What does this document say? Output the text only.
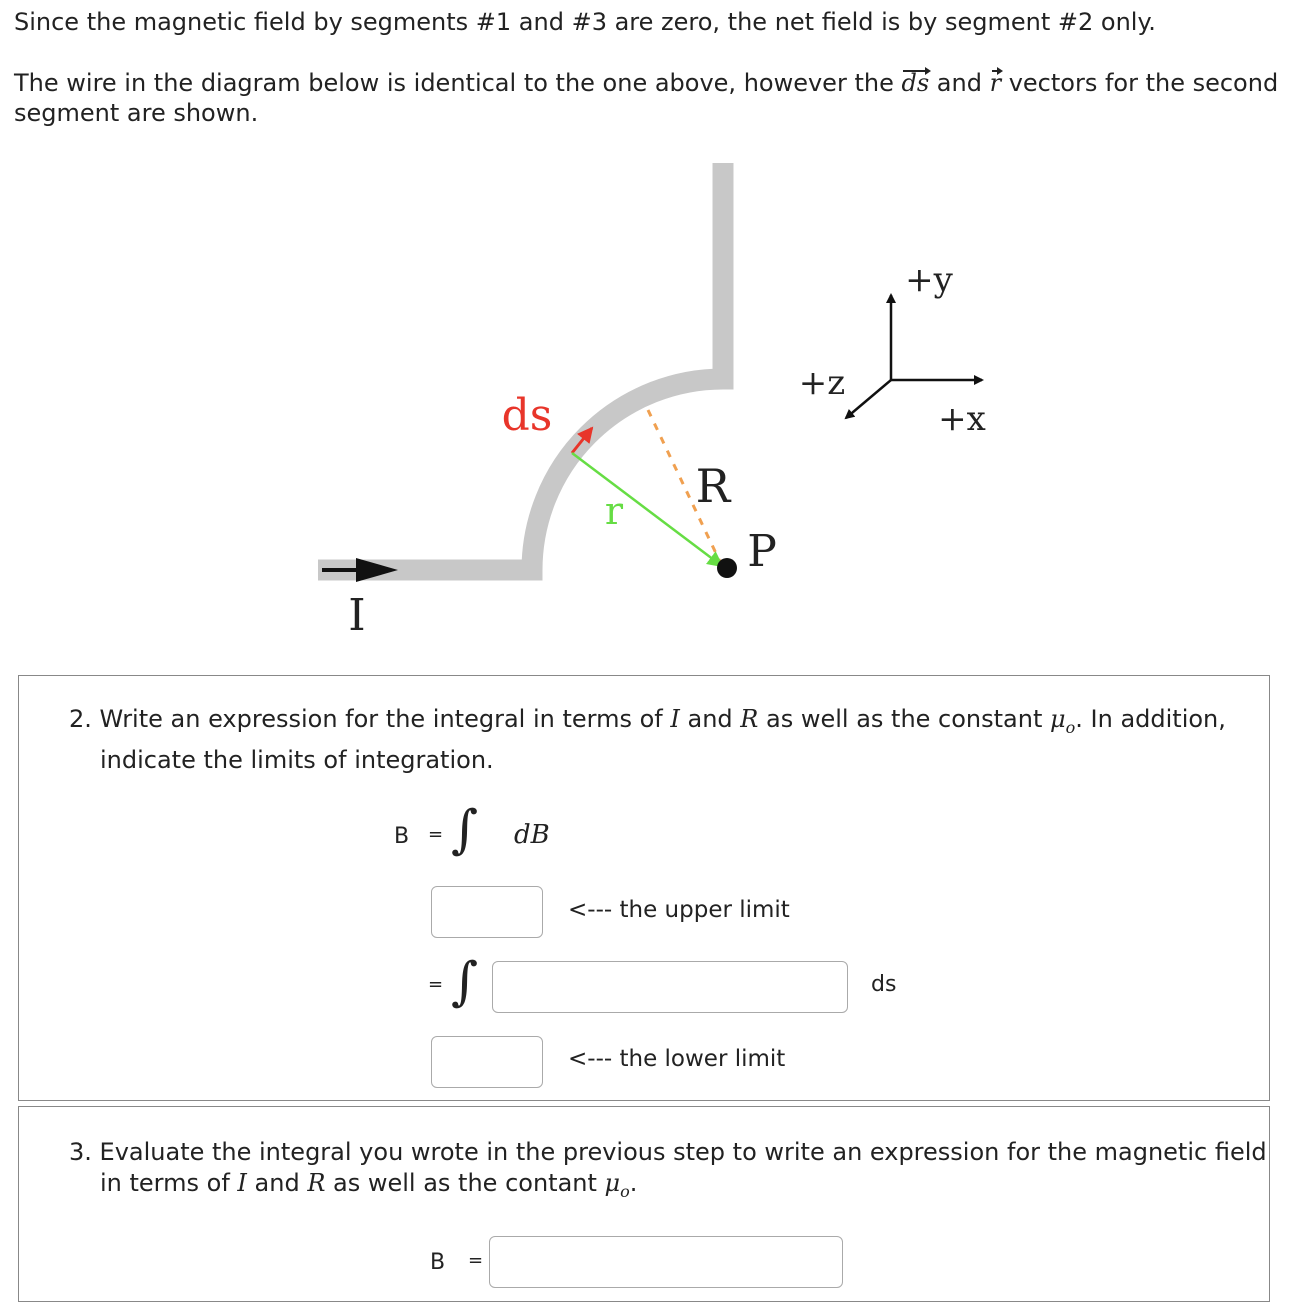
Since the magnetic field by segments #1 and #3 are zero, the net field is by segment #2 only.
The wire in the diagram below is identical to the one above, however the ds and r vectors for the second
segment are shown.
I
ds
R
r
P
+y
+x
+z
2. Write an expression for the integral in terms of I and R as well as the constant $\mu_o$. In addition,
indicate the limits of integration.
B = ∫ dB
<--- the upper limit
= ∫	ds
<--- the lower limit
3. Evaluate the integral you wrote in the previous step to write an expression for the magnetic field
in terms of I and R as well as the contant $\mu_o$.
B =
